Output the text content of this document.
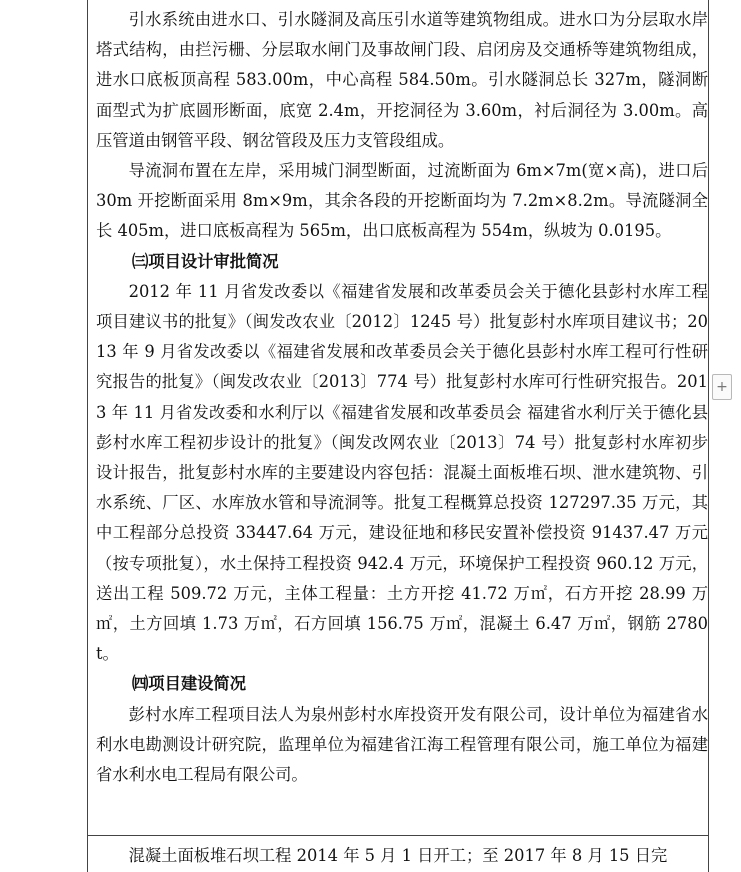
引水系统由进水口、引水隧洞及高压引水道等建筑物组成。进水口为分层取水岸塔式结构，由拦污栅、分层取水闸门及事故闸门段、启闭房及交通桥等建筑物组成，进水口底板顶高程 583.00m，中心高程 584.50m。引水隧洞总长 327m，隧洞断面型式为扩底圆形断面，底宽 2.4m，开挖洞径为 3.60m，衬后洞径为 3.00m。高压管道由钢管平段、钢岔管段及压力支管段组成。

导流洞布置在左岸，采用城门洞型断面，过流断面为 6m×7m(宽×高)，进口后 30m 开挖断面采用 8m×9m，其余各段的开挖断面均为 7.2m×8.2m。导流隧洞全长 405m，进口底板高程为 565m，出口底板高程为 554m，纵坡为 0.0195。

㈢项目设计审批简况

2012 年 11 月省发改委以《福建省发展和改革委员会关于德化县彭村水库工程项目建议书的批复》（闽发改农业〔2012〕1245 号）批复彭村水库项目建议书；2013 年 9 月省发改委以《福建省发展和改革委员会关于德化县彭村水库工程可行性研究报告的批复》（闽发改农业〔2013〕774 号）批复彭村水库可行性研究报告。2013 年 11 月省发改委和水利厅以《福建省发展和改革委员会 福建省水利厅关于德化县彭村水库工程初步设计的批复》（闽发改网农业〔2013〕74 号）批复彭村水库初步设计报告，批复彭村水库的主要建设内容包括：混凝土面板堆石坝、泄水建筑物、引水系统、厂区、水库放水管和导流洞等。批复工程概算总投资 127297.35 万元，其中工程部分总投资 33447.64 万元，建设征地和移民安置补偿投资 91437.47 万元（按专项批复），水土保持工程投资 942.4 万元，环境保护工程投资 960.12 万元，送出工程 509.72 万元，主体工程量：土方开挖 41.72 万㎡，石方开挖 28.99 万㎡，土方回填 1.73 万㎡，石方回填 156.75 万㎡，混凝土 6.47 万㎡，钢筋 2780t。

㈣项目建设简况

彭村水库工程项目法人为泉州彭村水库投资开发有限公司，设计单位为福建省水利水电勘测设计研究院，监理单位为福建省江海工程管理有限公司，施工单位为福建省水利水电工程局有限公司。

混凝土面板堆石坝工程 2014 年 5 月 1 日开工；至 2017 年 8 月 15 日完

+
